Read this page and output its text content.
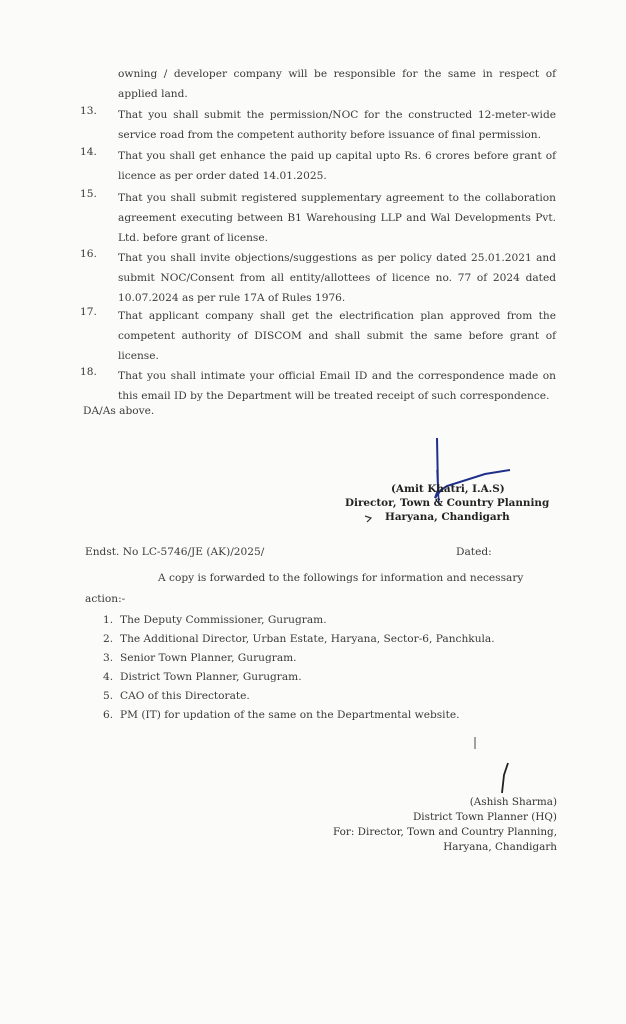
owning / developer company will be responsible for the same in respect of applied land.
13. That you shall submit the permission/NOC for the constructed 12-meter-wide service road from the competent authority before issuance of final permission.
14. That you shall get enhance the paid up capital upto Rs. 6 crores before grant of licence as per order dated 14.01.2025.
15. That you shall submit registered supplementary agreement to the collaboration agreement executing between B1 Warehousing LLP and Wal Developments Pvt. Ltd. before grant of license.
16. That you shall invite objections/suggestions as per policy dated 25.01.2021 and submit NOC/Consent from all entity/allottees of licence no. 77 of 2024 dated 10.07.2024 as per rule 17A of Rules 1976.
17. That applicant company shall get the electrification plan approved from the competent authority of DISCOM and shall submit the same before grant of license.
18. That you shall intimate your official Email ID and the correspondence made on this email ID by the Department will be treated receipt of such correspondence.
DA/As above.
(Amit Khatri, I.A.S)
Director, Town & Country Planning
Haryana, Chandigarh
Endst. No LC-5746/JE (AK)/2025/	Dated:
A copy is forwarded to the followings for information and necessary
action:-
1. The Deputy Commissioner, Gurugram.
2. The Additional Director, Urban Estate, Haryana, Sector-6, Panchkula.
3. Senior Town Planner, Gurugram.
4. District Town Planner, Gurugram.
5. CAO of this Directorate.
6. PM (IT) for updation of the same on the Departmental website.
(Ashish Sharma)
District Town Planner (HQ)
For: Director, Town and Country Planning,
Haryana, Chandigarh
